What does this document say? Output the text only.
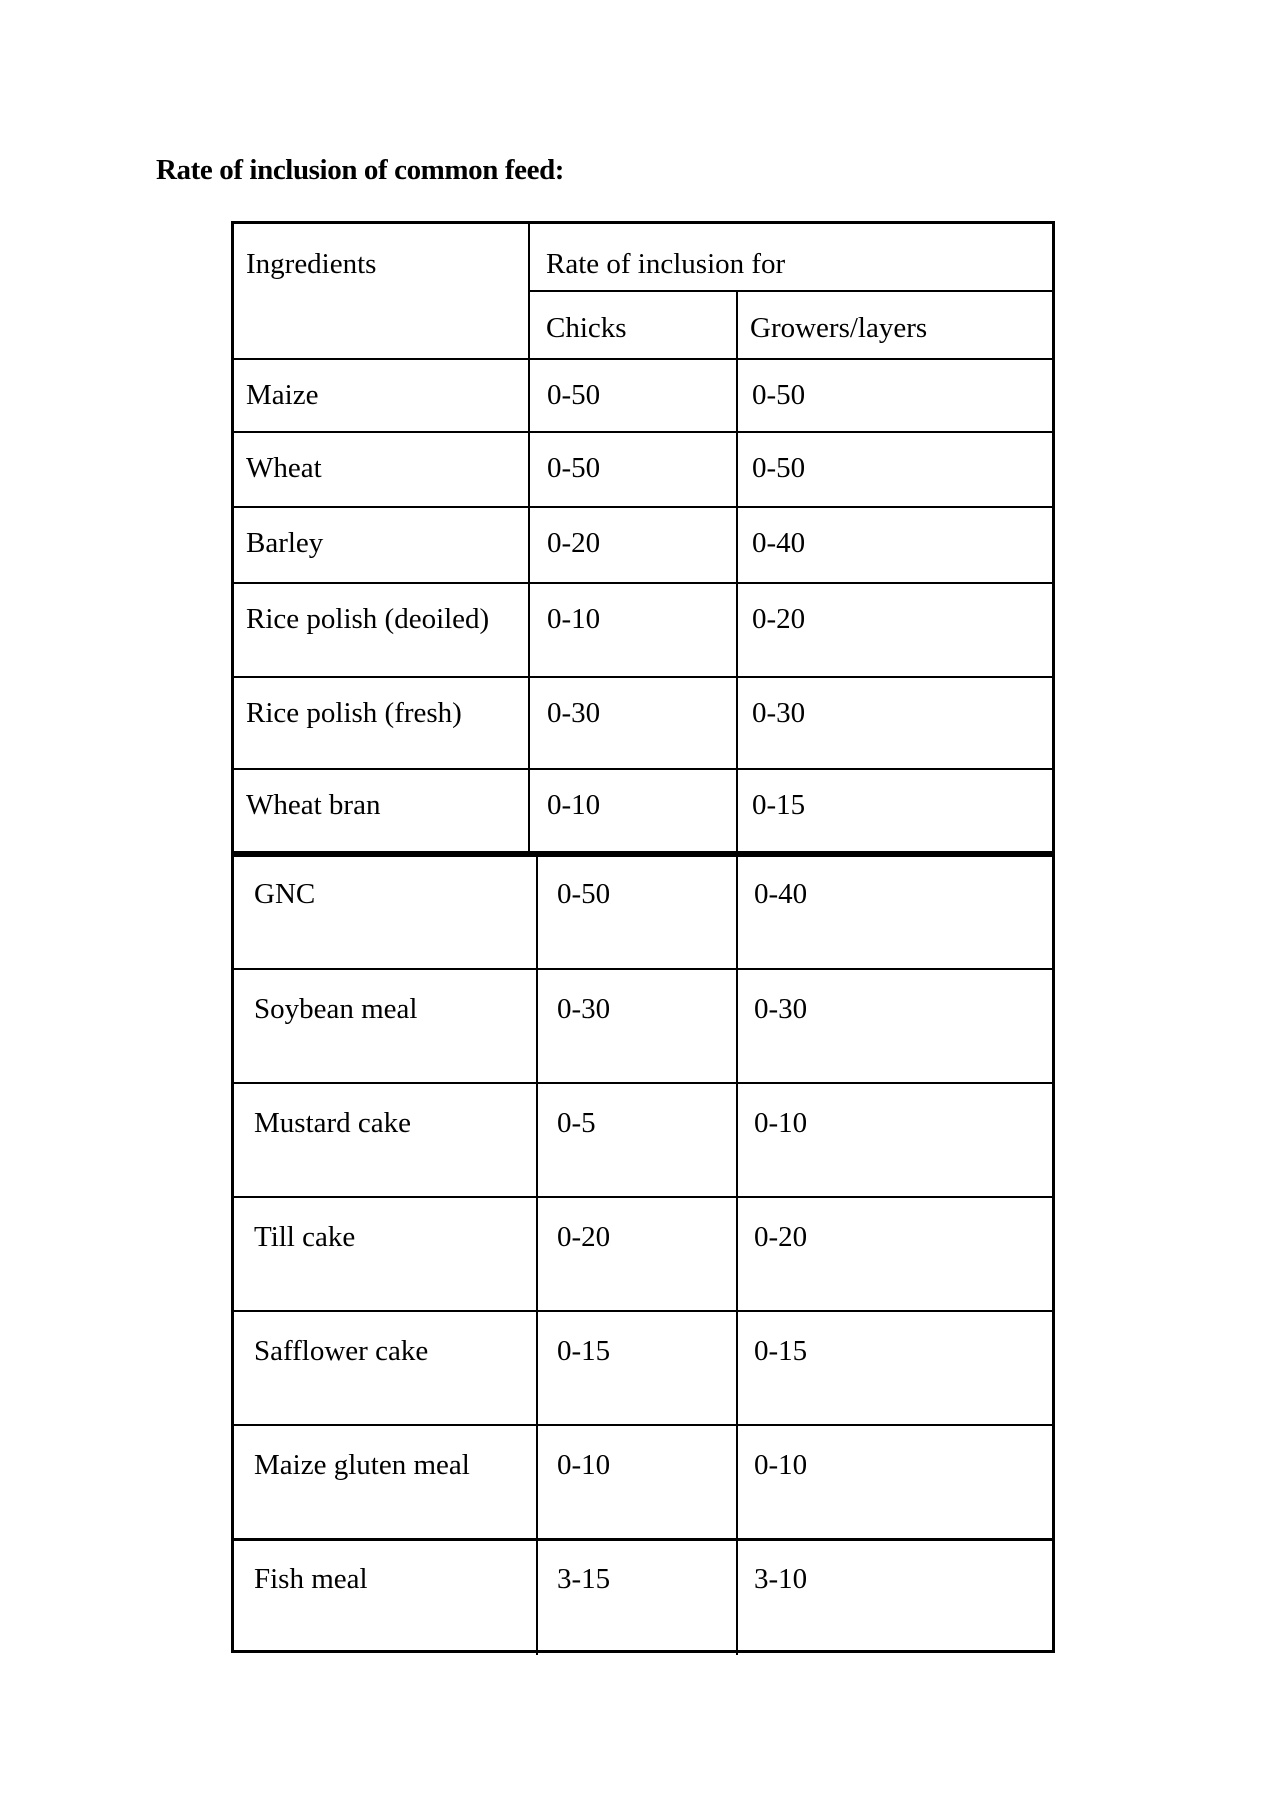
Rate of inclusion of common feed:
Ingredients	Rate of inclusion for
Chicks	Growers/layers
Maize	0-50	0-50
Wheat	0-50	0-50
Barley	0-20	0-40
Rice polish (deoiled) 0-10	0-20
Rice polish (fresh)	0-30	0-30
Wheat bran	0-10	0-15
GNC	0-50	0-40
Soybean meal	0-30	0-30
Mustard cake	0-5	0-10
Till cake	0-20	0-20
Safflower cake	0-15	0-15
Maize gluten meal	0-10	0-10
Fish meal	3-15	3-10
